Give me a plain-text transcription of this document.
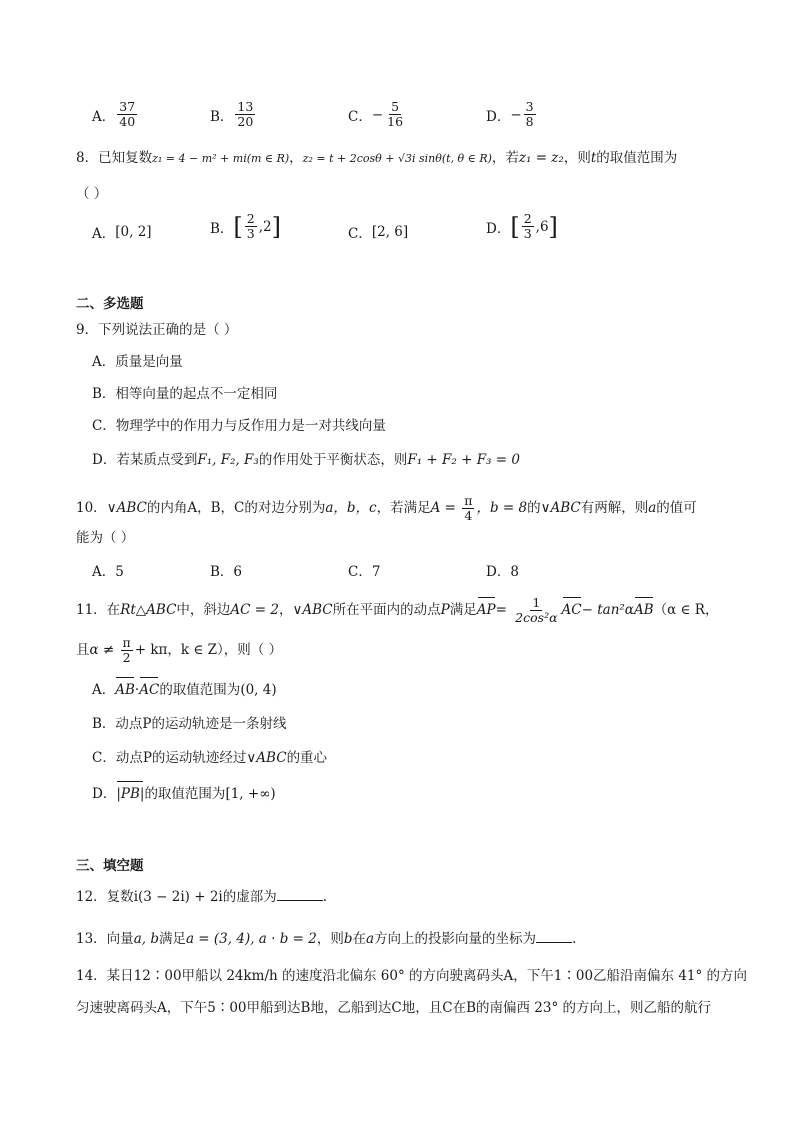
A． $\frac{37}{40}$	B． $\frac{13}{20}$	C． − $\frac{5}{16}$	D． − $\frac{3}{8}$
8．已知复数z₁ = 4 − m² + mi(m ∈ R)，z₂ = t + 2cosθ + √3i sinθ(t, θ ∈ R)，若z₁ = z₂，则t的取值范围为
（ ）
A． [0, 2]	B． [ $\frac{2}{3}$ , 2 ]	C． [2, 6]	D． [ $\frac{2}{3}$ , 6 ]
二、多选题
9．下列说法正确的是（ ）
A．质量是向量
B．相等向量的起点不一定相同
C．物理学中的作用力与反作用力是一对共线向量
D．若某质点受到F₁, F₂, F₃的作用处于平衡状态，则F₁ + F₂ + F₃ = 0
10．∨ABC的内角A，B，C的对边分别为a，b，c，若满足$A = \frac{\pi}{4}$ ，b = 8的∨ABC有两解，则a的值可
能为（ ）
A．5	B．6	C．7	D．8
11．在Rt△ABC中，斜边AC = 2，∨ABC所在平面内的动点P满足$AP= \frac{1}{\text{2cos²α}} AC- \tan^2\alpha AB(\alpha$ ∈ R，
且$\alpha \ne \frac{\pi}{2} + k\pi$，k ∈ Z），则（ ）
A．AB·AC的取值范围为(0, 4)
B．动点P的运动轨迹是一条射线
C．动点P的运动轨迹经过∨ABC的重心
D．|PB|的取值范围为[1, +∞)
三、填空题
12．复数i(3 − 2i) + 2i的虚部为	.
13．向量a, b满足a = (3, 4), a · b = 2，则b在a方向上的投影向量的坐标为	.
14．某日12∶00甲船以 24km/h 的速度沿北偏东 60° 的方向驶离码头A，下午1∶00乙船沿南偏东 41° 的方向
匀速驶离码头A，下午5∶00甲船到达B地，乙船到达C地，且C在B的南偏西 23° 的方向上，则乙船的航行
